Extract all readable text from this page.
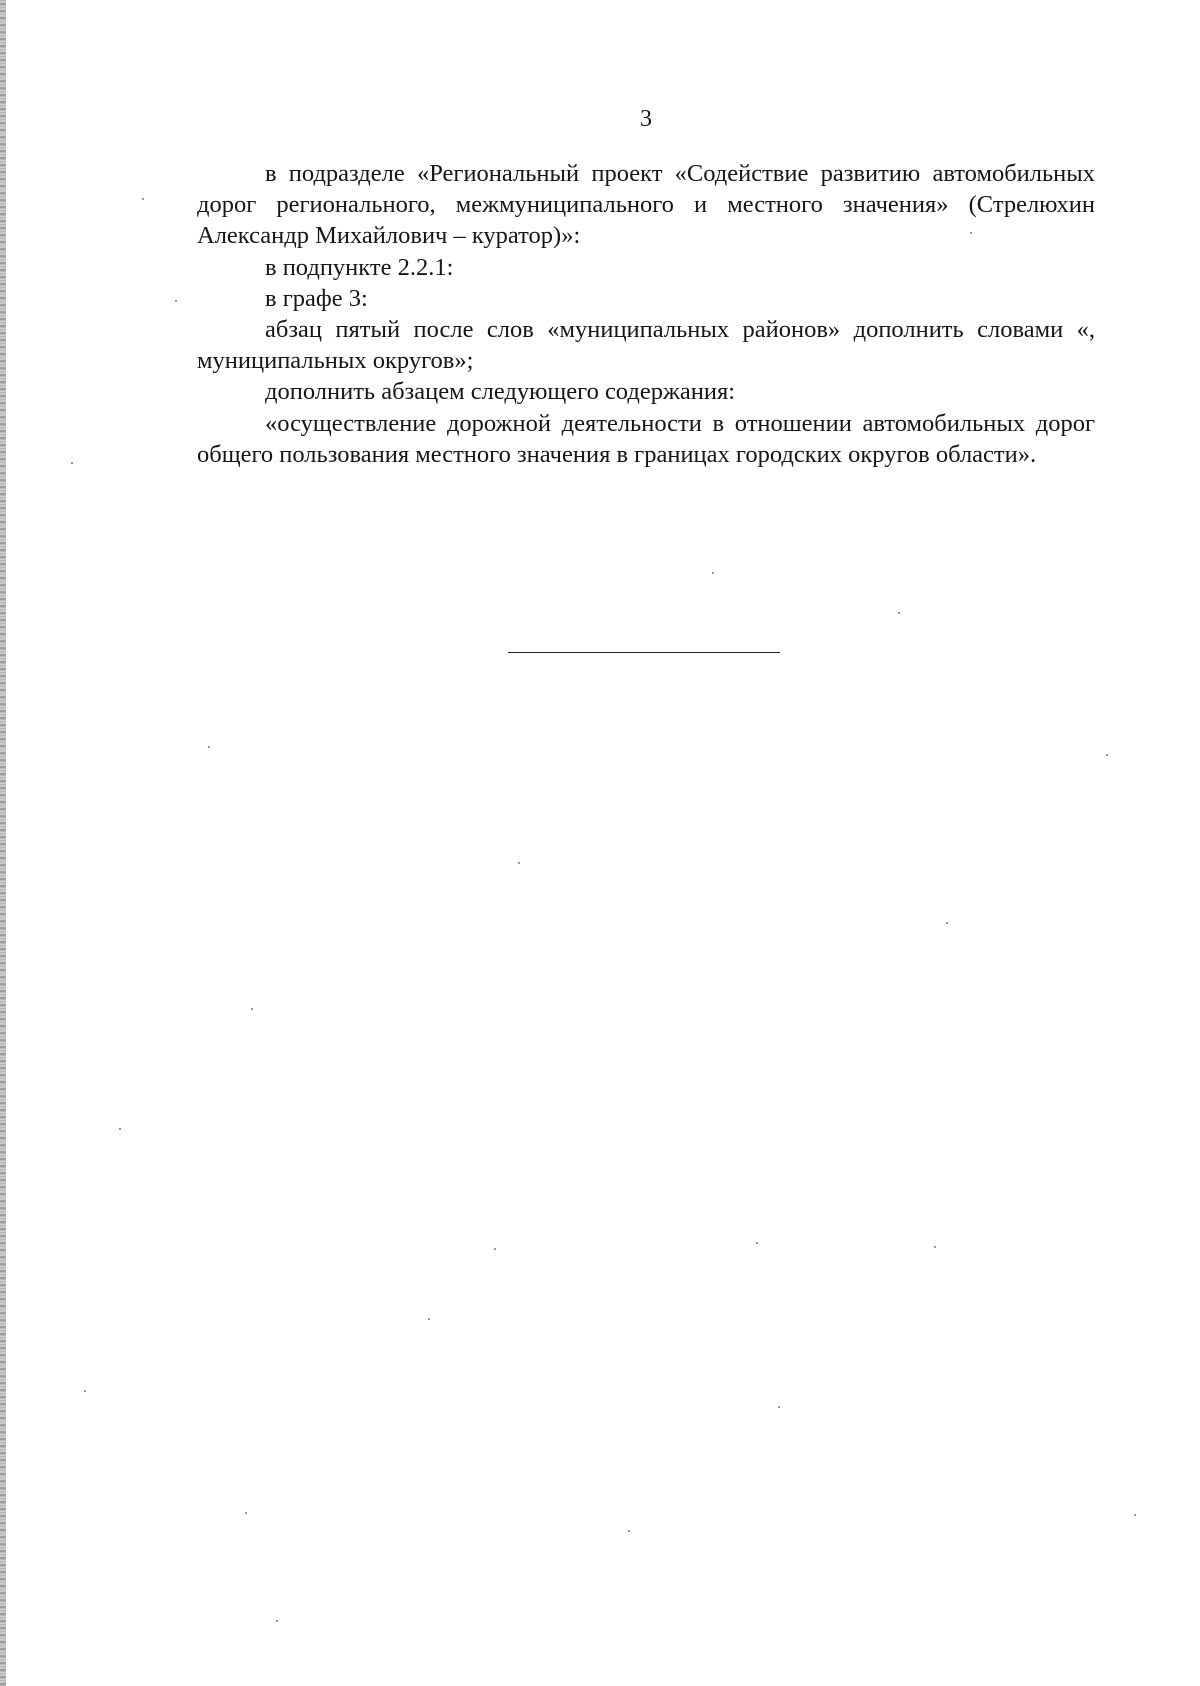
3

в подразделе «Региональный проект «Содействие развитию автомобильных дорог регионального, межмуниципального и местного значения» (Стрелюхин Александр Михайлович – куратор)»:

в подпункте 2.2.1:

в графе 3:

абзац пятый после слов «муниципальных районов» дополнить словами «, муниципальных округов»;

дополнить абзацем следующего содержания:

«осуществление дорожной деятельности в отношении автомобильных дорог общего пользования местного значения в границах городских округов области».
